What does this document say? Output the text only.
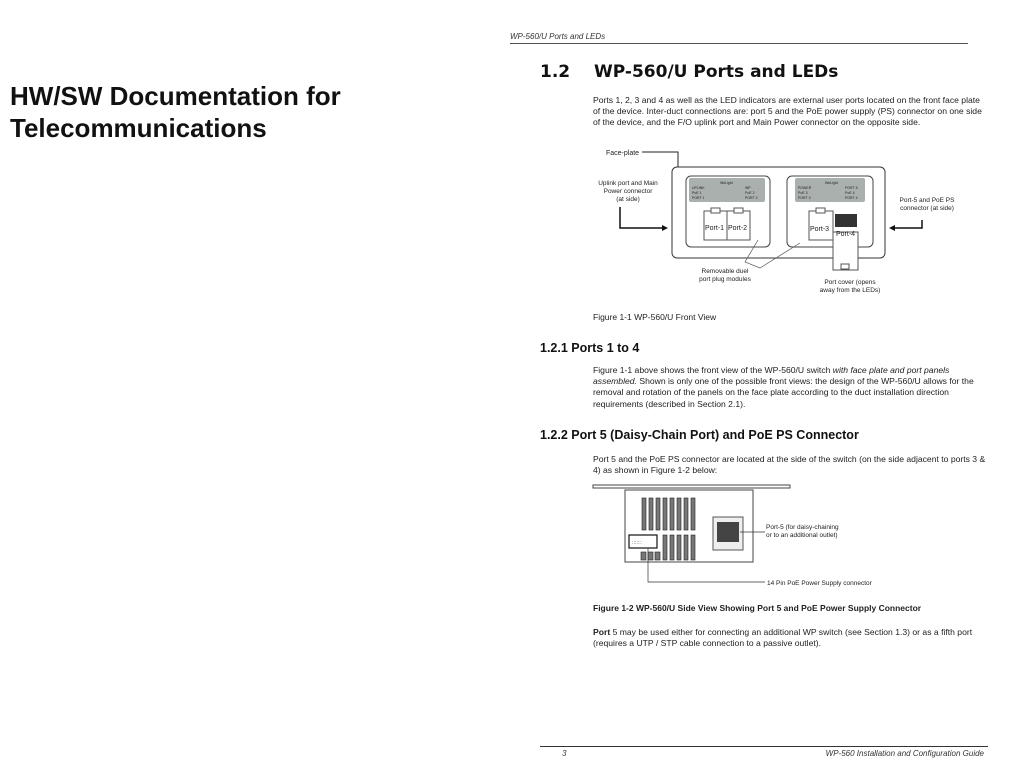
HW/SW Documentation for Telecommunications
WP-560/U Ports and LEDs
1.2 WP-560/U Ports and LEDs
Ports 1, 2, 3 and 4 as well as the LED indicators are external user ports located on the front face plate of the device. Inter-duct connections are: port 5 and the PoE power supply (PS) connector on one side of the device, and the F/O uplink port and Main Power connector on the opposite side.
Face-plate
WeLight
UPLINK
PoE 1
PORT 1
WP
PoE 2
PORT 2
WeLight
POWER
PoE 3
PORT 3
PORT 5
PoE 4
PORT 4
Port-1 Port-2	Port-3
Port-4
Uplink port and Main
Power connector
(at side)	Port-5 and PoE PS
connector (at side)
Removable duel
port plug modules	Port cover (opens
away from the LEDs)
Figure 1-1 WP-560/U Front View
1.2.1 Ports 1 to 4
Figure 1-1 above shows the front view of the WP-560/U switch with face plate and port panels assembled. Shown is only one of the possible front views: the design of the WP-560/U allows for the removal and rotation of the panels on the face plate according to the duct installation direction requirements (described in Section 2.1).
1.2.2 Port 5 (Daisy-Chain Port) and PoE PS Connector
Port 5 and the PoE PS connector are located at the side of the switch (on the side adjacent to ports 3 & 4) as shown in Figure 1-2 below:
∷∷∷
Port-5 (for daisy-chaining
or to an additional outlet)
14 Pin PoE Power Supply connector
Figure 1-2 WP-560/U Side View Showing Port 5 and PoE Power Supply Connector
Port 5 may be used either for connecting an additional WP switch (see Section 1.3) or as a fifth port (requires a UTP / STP cable connection to a passive outlet).
3	WP-560 Installation and Configuration Guide
